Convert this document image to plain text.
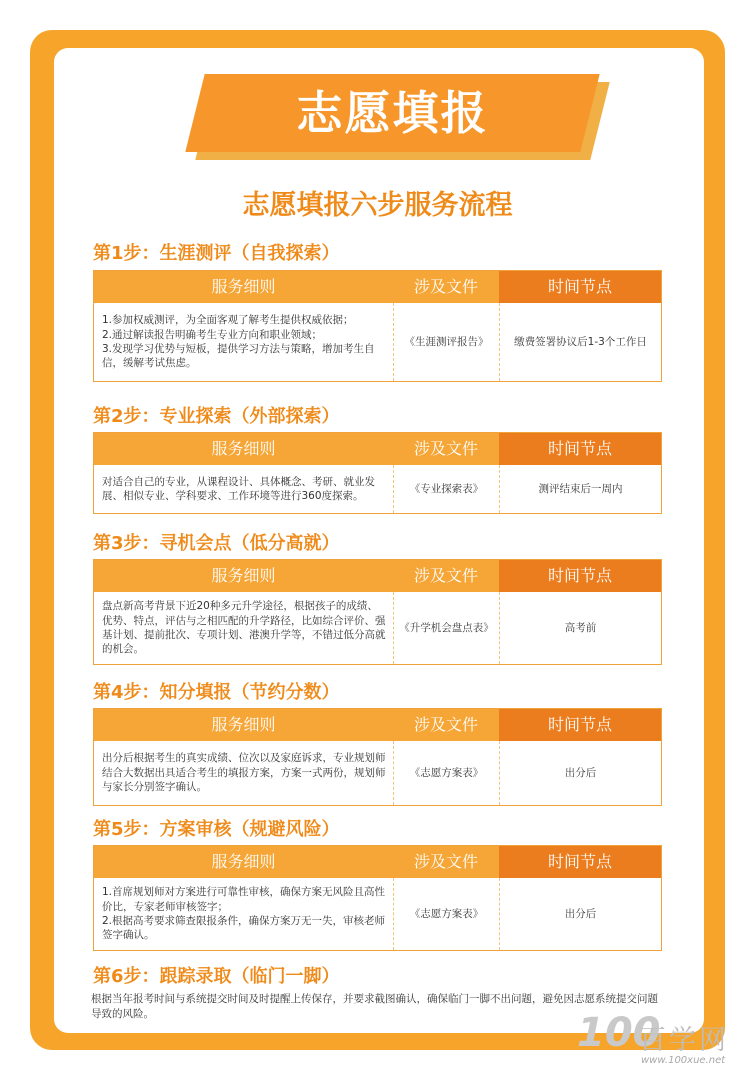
志愿填报
志愿填报六步服务流程
第1步：生涯测评（自我探索）
服务细则	涉及文件	时间节点
1.参加权威测评，为全面客观了解考生提供权威依据；
2.通过解读报告明确考生专业方向和职业领域；
3.发现学习优势与短板，提供学习方法与策略，增加考生自信，缓解考试焦虑。
《生涯测评报告》	缴费签署协议后1-3个工作日
第2步：专业探索（外部探索）
服务细则	涉及文件	时间节点
对适合自己的专业，从课程设计、具体概念、考研、就业发展、相似专业、学科要求、工作环境等进行360度探索。
《专业探索表》	测评结束后一周内
第3步：寻机会点（低分高就）
服务细则	涉及文件	时间节点
盘点新高考背景下近20种多元升学途径，根据孩子的成绩、优势、特点，评估与之相匹配的升学路径，比如综合评价、强基计划、提前批次、专项计划、港澳升学等，不错过低分高就的机会。
《升学机会盘点表》	高考前
第4步：知分填报（节约分数）
服务细则	涉及文件	时间节点
出分后根据考生的真实成绩、位次以及家庭诉求，专业规划师结合大数据出具适合考生的填报方案，方案一式两份，规划师与家长分别签字确认。
《志愿方案表》	出分后
第5步：方案审核（规避风险）
服务细则	涉及文件	时间节点
1.首席规划师对方案进行可靠性审核，确保方案无风险且高性价比，专家老师审核签字；
2.根据高考要求筛查限报条件，确保方案万无一失，审核老师签字确认。
《志愿方案表》	出分后
第6步：跟踪录取（临门一脚）
根据当年报考时间与系统提交时间及时提醒上传保存，并要求截图确认，确保临门一脚不出问题，避免因志愿系统提交问题导致的风险。	100
百学网
www.100xue.net
